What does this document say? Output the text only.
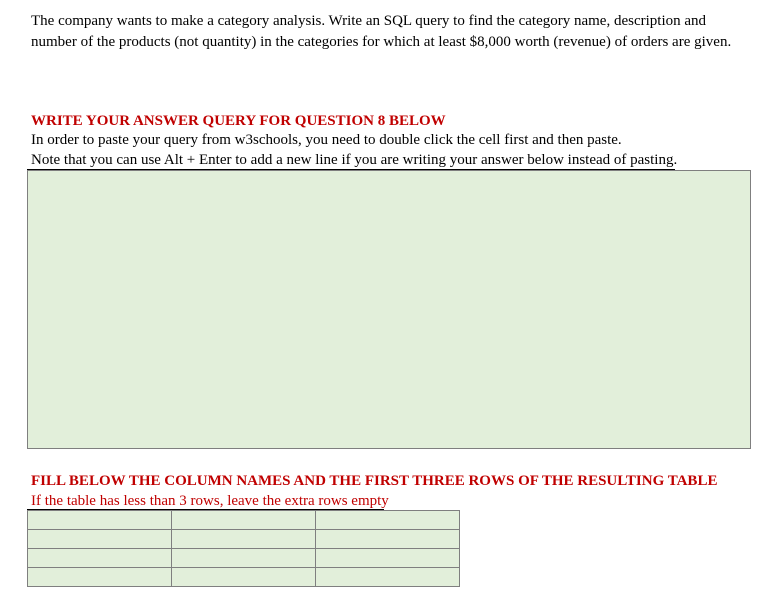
The company wants to make a category analysis. Write an SQL query to find the category name, description and number of the products (not quantity) in the categories for which at least $8,000 worth (revenue) of orders are given.

WRITE YOUR ANSWER QUERY FOR QUESTION 8 BELOW
In order to paste your query from w3schools, you need to double click the cell first and then paste.
Note that you can use Alt + Enter to add a new line if you are writing your answer below instead of pasting.
FILL BELOW THE COLUMN NAMES AND THE FIRST THREE ROWS OF THE RESULTING TABLE
If the table has less than 3 rows, leave the extra rows empty
